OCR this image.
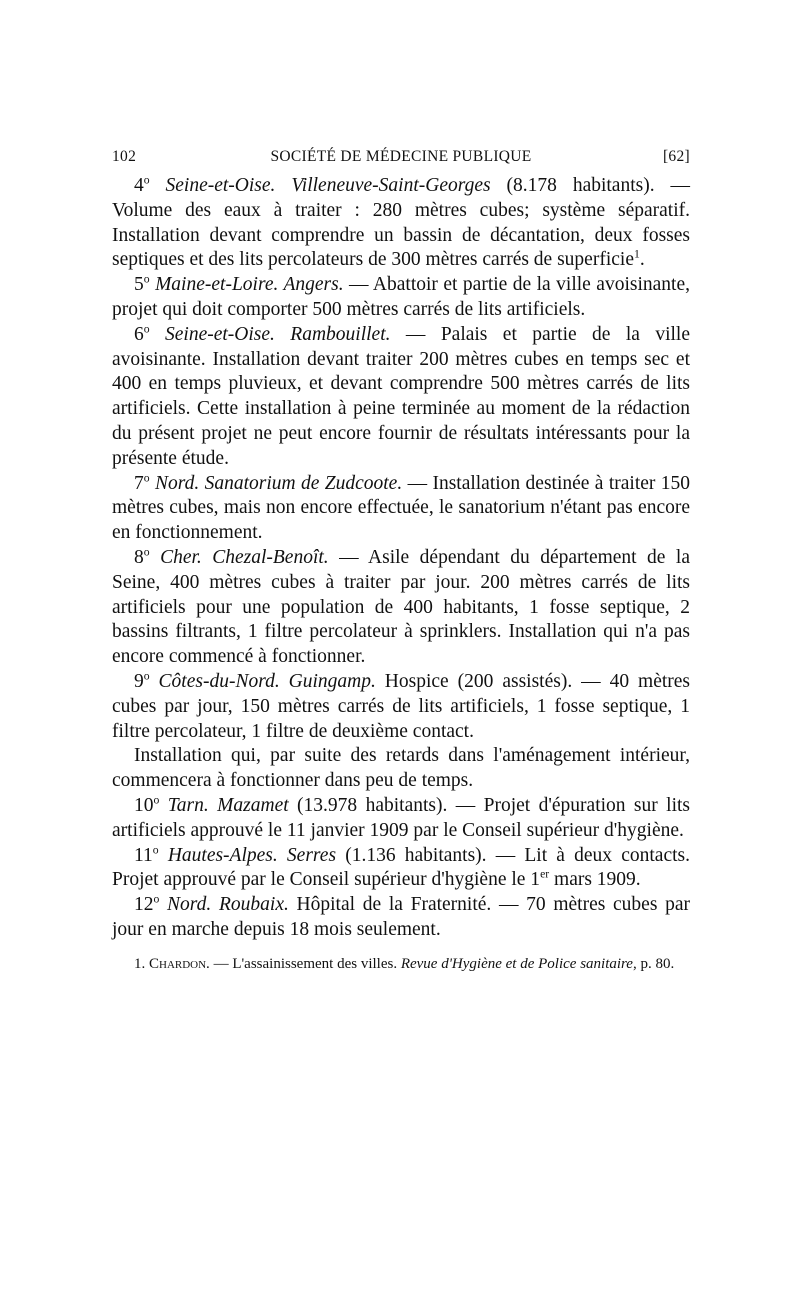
102	SOCIÉTÉ DE MÉDECINE PUBLIQUE	[62]

4$^o$ Seine-et-Oise. Villeneuve-Saint-Georges (8.178 habitants). — Volume des eaux à traiter : 280 mètres cubes; système séparatif. Installation devant comprendre un bassin de décantation, deux fosses septiques et des lits percolateurs de 300 mètres carrés de superficie$^1$.

5$^o$ Maine-et-Loire. Angers. — Abattoir et partie de la ville avoisinante, projet qui doit comporter 500 mètres carrés de lits artificiels.

6$^o$ Seine-et-Oise. Rambouillet. — Palais et partie de la ville avoisinante. Installation devant traiter 200 mètres cubes en temps sec et 400 en temps pluvieux, et devant comprendre 500 mètres carrés de lits artificiels. Cette installation à peine terminée au moment de la rédaction du présent projet ne peut encore fournir de résultats intéressants pour la présente étude.

7$^o$ Nord. Sanatorium de Zudcoote. — Installation destinée à traiter 150 mètres cubes, mais non encore effectuée, le sanatorium n'étant pas encore en fonctionnement.

8$^o$ Cher. Chezal-Benoît. — Asile dépendant du département de la Seine, 400 mètres cubes à traiter par jour. 200 mètres carrés de lits artificiels pour une population de 400 habitants, 1 fosse septique, 2 bassins filtrants, 1 filtre percolateur à sprinklers. Installation qui n'a pas encore commencé à fonctionner.

9$^o$ Côtes-du-Nord. Guingamp. Hospice (200 assistés). — 40 mètres cubes par jour, 150 mètres carrés de lits artificiels, 1 fosse septique, 1 filtre percolateur, 1 filtre de deuxième contact.

Installation qui, par suite des retards dans l'aménagement intérieur, commencera à fonctionner dans peu de temps.

10$^o$ Tarn. Mazamet (13.978 habitants). — Projet d'épuration sur lits artificiels approuvé le 11 janvier 1909 par le Conseil supérieur d'hygiène.

11$^o$ Hautes-Alpes. Serres (1.136 habitants). — Lit à deux contacts. Projet approuvé par le Conseil supérieur d'hygiène le 1er mars 1909.

12$^o$ Nord. Roubaix. Hôpital de la Fraternité. — 70 mètres cubes par jour en marche depuis 18 mois seulement.

1. Chardon. — L'assainissement des villes. Revue d'Hygiène et de Police sanitaire, p. 80.
